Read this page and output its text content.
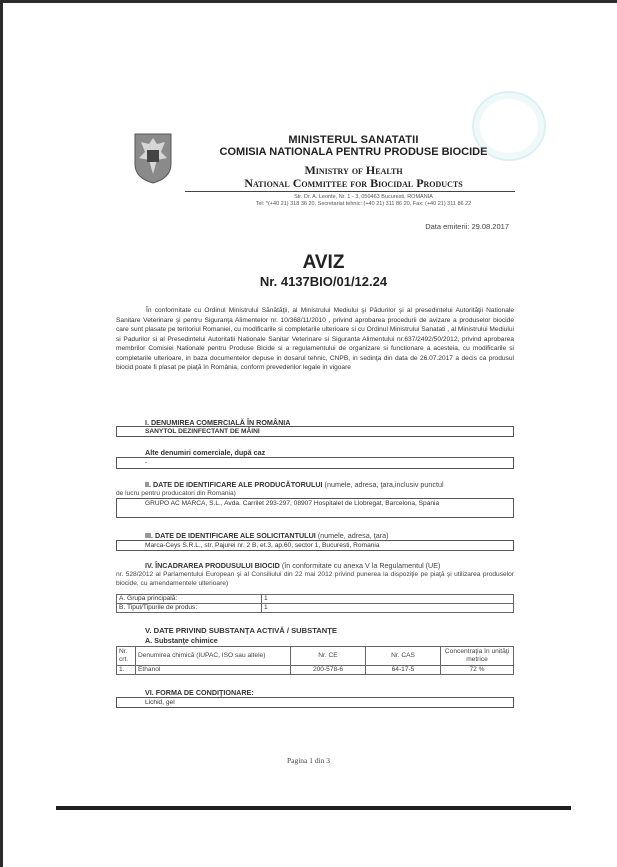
MINISTERUL SANATATII
COMISIA NATIONALA PENTRU PRODUSE BIOCIDE
Ministry of Health
National Committee for Biocidal Products
Str. Dr. A. Leonte, Nr. 1 - 3, 050463 Bucuresti, ROMANIA
Tel: *(+40 21) 318 36 20, Secretariat tehnic: (+40 21) 311 86 20, Fax: (+40 21) 311 86 22
Data emiterii: 29.08.2017
AVIZ
Nr. 4137BIO/01/12.24
În conformitate cu Ordinul Ministrului Sănătăţii, al Ministrului Mediului şi Pădurilor şi al presedintelui Autorităţii Nationale Sanitare Veterinare şi pentru Siguranţa Alimentelor nr. 10/368/11/2010 , privind aprobarea procedurii de avizare a produselor biocide care sunt plasate pe teritoriul Romaniei, cu modificarile si completarile ulterioare si cu Ordinul Ministrului Sanatati , al Ministrului Mediului si Padurilor si al Presedintelui Autoritatii Nationale Sanitar Veterinare si Siguranta Alimentului nr.637/2492/50/2012, privind aprobarea membrilor Comisiei Nationale pentru Produse Bicide si a regulamentului de organizare si functionare a acesteia, cu modificarile si completarile ulterioare, in baza documentelor depuse in dosarul tehnic, CNPB, in sedinţa din data de 26.07.2017 a decis ca produsul biocid poate fi plasat pe piaţă în România, conform prevederilor legale in vigoare
I. DENUMIREA COMERCIALĂ ÎN ROMÂNIA
SANYTOL DEZINFECTANT DE MÂINI
Alte denumiri comerciale, după caz
-
II. DATE DE IDENTIFICARE ALE PRODUCĂTORULUI (numele, adresa, ţara,inclusiv punctul
de lucru pentru producatori din Romania)
GRUPO AC MARCA, S.L., Avda. Carrilet 293-297, 08907 Hospitalet de Llobregat, Barcelona, Spania
III. DATE DE IDENTIFICARE ALE SOLICITANTULUI (numele, adresa, ţara)
Marca-Ceys S.R.L., str. Pajurei nr. 2 B, et.3, ap.60, sector 1, Bucuresti, Romania
IV. ÎNCADRAREA PRODUSULUI BIOCID (în conformitate cu anexa V la Regulamentul (UE)
nr. 528/2012 al Parlamentului European şi al Consiliului din 22 mai 2012 privind punerea la dispoziţie pe piaţă şi utilizarea produselor biocide, cu amendamentele ulterioare)
A. Grupa principală:	1
B. Tipul/Tipurile de produs:	1
V. DATE PRIVIND SUBSTANŢA ACTIVĂ / SUBSTANŢE
A. Substanţe chimice
Nr. crt.	Denumirea chimică (IUPAC, ISO sau altele)	Nr. CE	Nr. CAS	Concentraţia în unităţi metrice
1.	Ethanol	200-578-6	64-17-5	72 %
VI. FORMA DE CONDIŢIONARE:
Lichid, gel
Pagina 1 din 3
